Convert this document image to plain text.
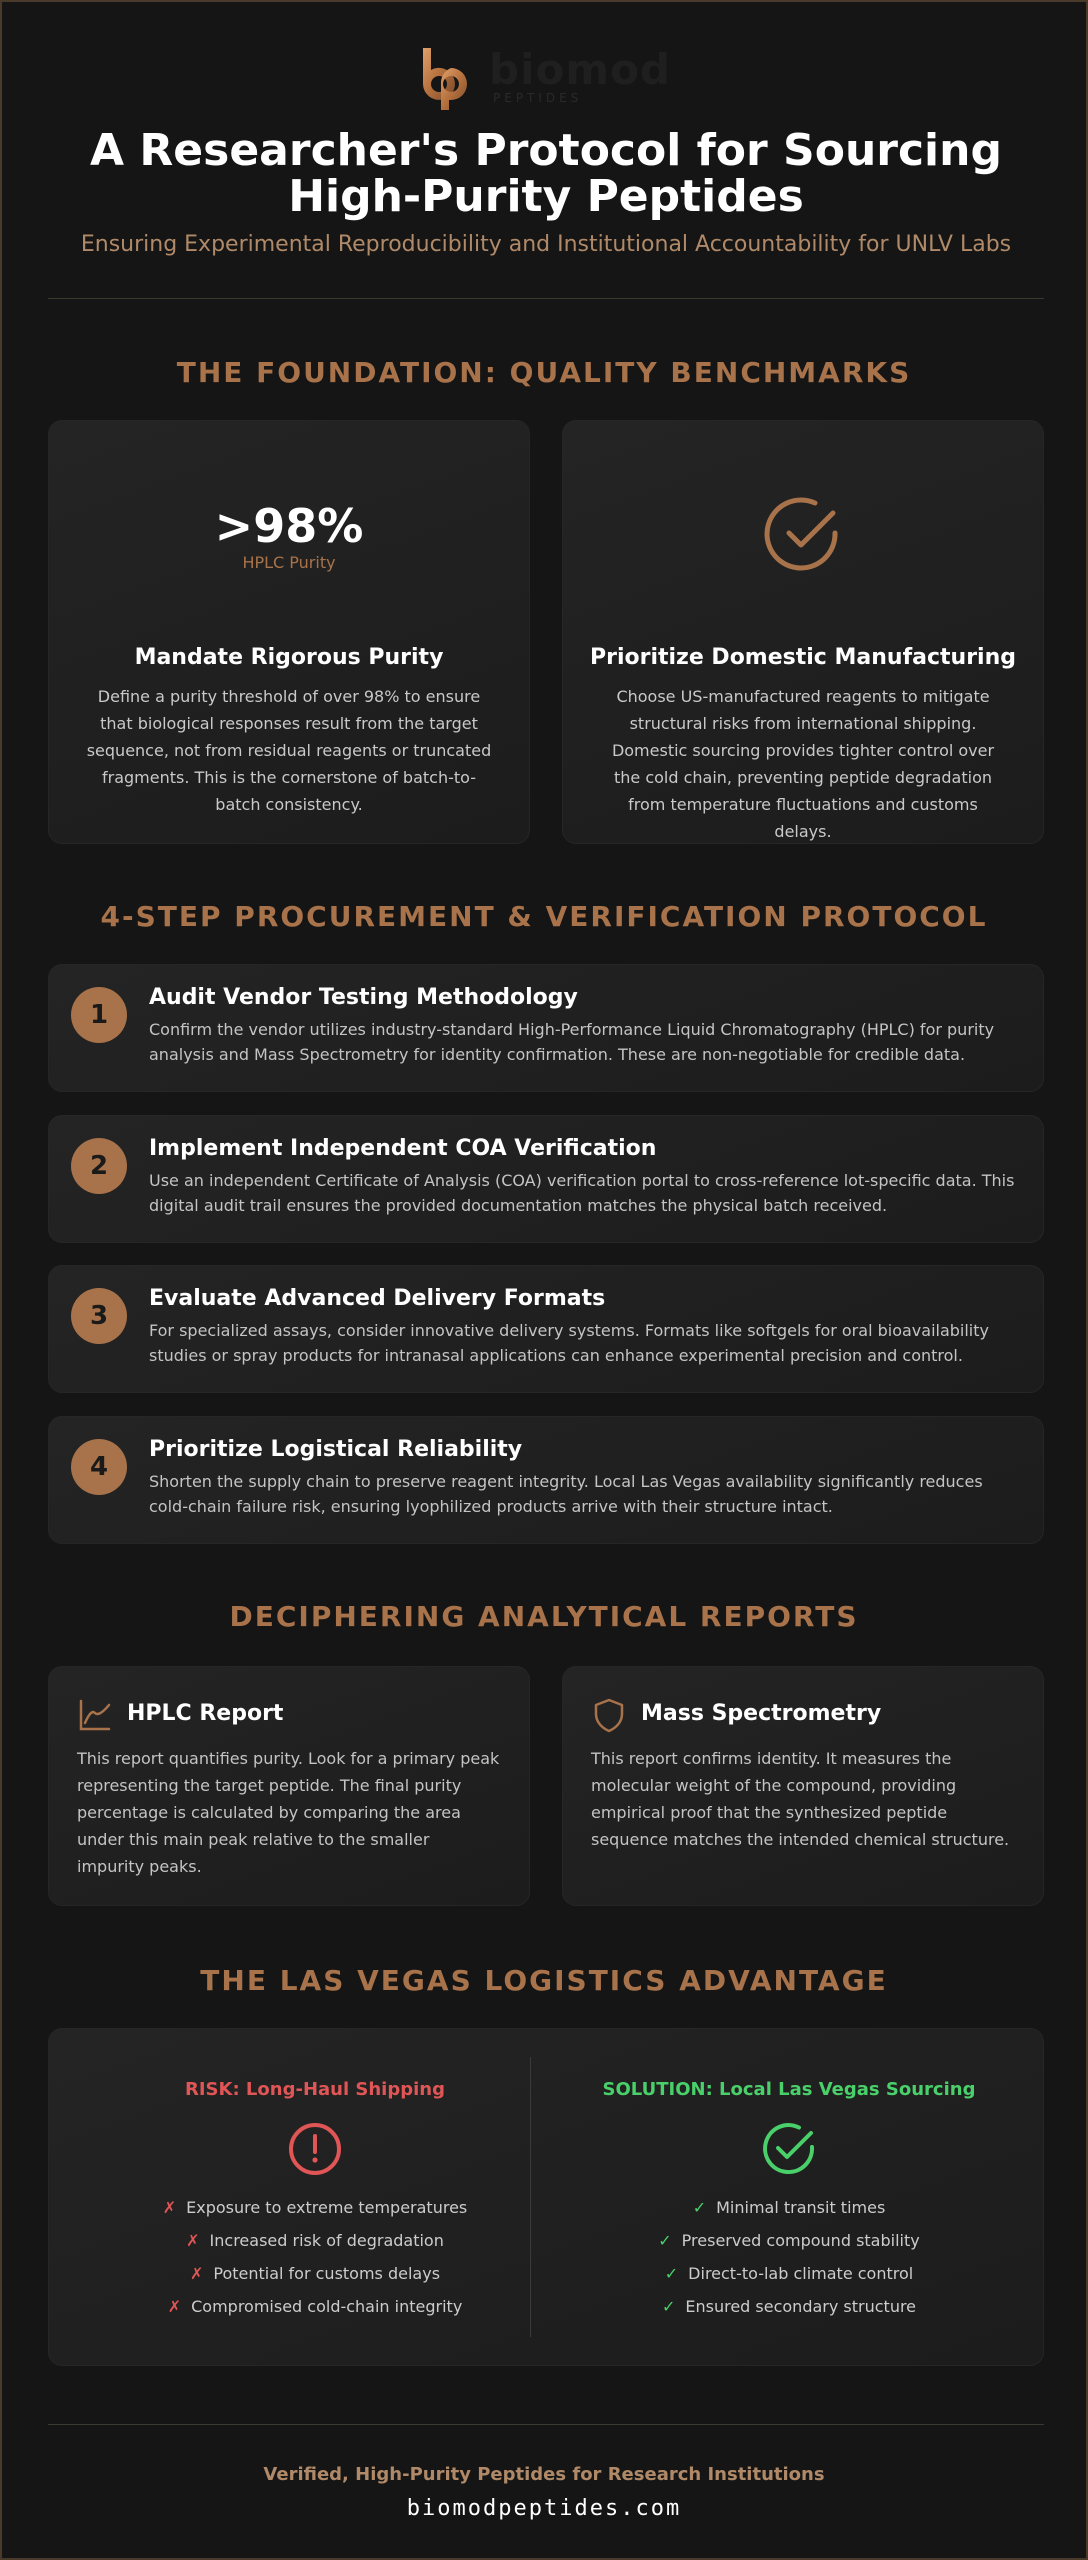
biomod
PEPTIDES
A Researcher's Protocol for Sourcing High-Purity Peptides
Ensuring Experimental Reproducibility and Institutional Accountability for UNLV Labs
THE FOUNDATION: QUALITY BENCHMARKS
>98%
HPLC Purity
Mandate Rigorous Purity
Define a purity threshold of over 98% to ensure that biological responses result from the target sequence, not from residual reagents or truncated fragments. This is the cornerstone of batch-to-batch consistency.
Prioritize Domestic Manufacturing
Choose US-manufactured reagents to mitigate structural risks from international shipping. Domestic sourcing provides tighter control over the cold chain, preventing peptide degradation from temperature fluctuations and customs delays.
4-STEP PROCUREMENT & VERIFICATION PROTOCOL
1
Audit Vendor Testing Methodology
Confirm the vendor utilizes industry-standard High-Performance Liquid Chromatography (HPLC) for purity analysis and Mass Spectrometry for identity confirmation. These are non-negotiable for credible data.
2
Implement Independent COA Verification
Use an independent Certificate of Analysis (COA) verification portal to cross-reference lot-specific data. This digital audit trail ensures the provided documentation matches the physical batch received.
3
Evaluate Advanced Delivery Formats
For specialized assays, consider innovative delivery systems. Formats like softgels for oral bioavailability studies or spray products for intranasal applications can enhance experimental precision and control.
4
Prioritize Logistical Reliability
Shorten the supply chain to preserve reagent integrity. Local Las Vegas availability significantly reduces cold-chain failure risk, ensuring lyophilized products arrive with their structure intact.
DECIPHERING ANALYTICAL REPORTS
HPLC Report
This report quantifies purity. Look for a primary peak representing the target peptide. The final purity percentage is calculated by comparing the area under this main peak relative to the smaller impurity peaks.
Mass Spectrometry
This report confirms identity. It measures the molecular weight of the compound, providing empirical proof that the synthesized peptide sequence matches the intended chemical structure.
THE LAS VEGAS LOGISTICS ADVANTAGE
RISK: Long-Haul Shipping
✗ Exposure to extreme temperatures
✗ Increased risk of degradation
✗ Potential for customs delays
✗ Compromised cold-chain integrity
SOLUTION: Local Las Vegas Sourcing
✓ Minimal transit times
✓ Preserved compound stability
✓ Direct-to-lab climate control
✓ Ensured secondary structure
Verified, High-Purity Peptides for Research Institutions
biomodpeptides.com
